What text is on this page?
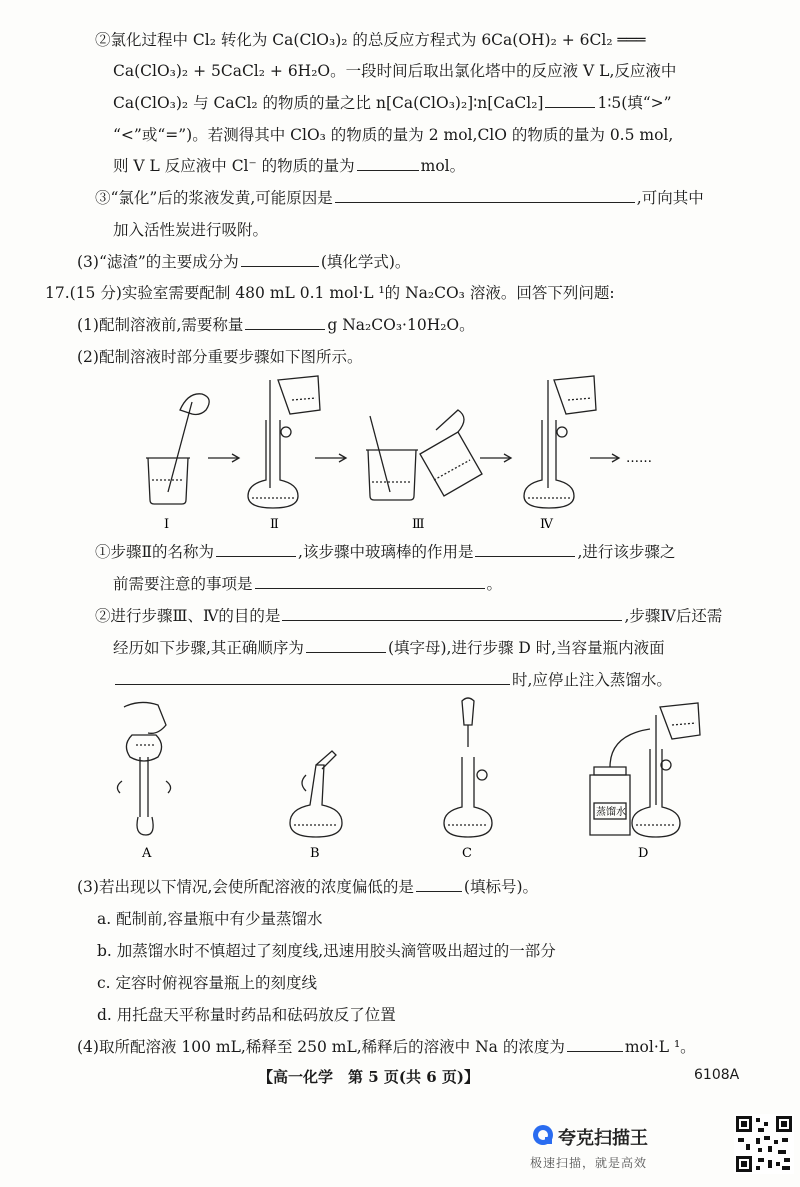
②氯化过程中 Cl₂ 转化为 Ca(ClO₃)₂ 的总反应方程式为 6Ca(OH)₂ + 6Cl₂ ═══
Ca(ClO₃)₂ + 5CaCl₂ + 6H₂O。一段时间后取出氯化塔中的反应液 V L,反应液中
Ca(ClO₃)₂ 与 CaCl₂ 的物质的量之比 n[Ca(ClO₃)₂]∶n[CaCl₂]	1∶5(填“>”
“<”或“=”)。若测得其中 ClO₃ 的物质的量为 2 mol,ClO 的物质的量为 0.5 mol,
则 V L 反应液中 Cl⁻ 的物质的量为	mol。
③“氯化”后的浆液发黄,可能原因是	,可向其中
加入活性炭进行吸附。
(3)“滤渣”的主要成分为	(填化学式)。
17.(15 分)实验室需要配制 480 mL 0.1 mol·L ¹的 Na₂CO₃ 溶液。回答下列问题:
(1)配制溶液前,需要称量	g Na₂CO₃·10H₂O。
(2)配制溶液时部分重要步骤如下图所示。
……
Ⅰ	Ⅱ	Ⅲ	Ⅳ
①步骤Ⅱ的名称为	,该步骤中玻璃棒的作用是	,进行该步骤之
前需要注意的事项是	。
②进行步骤Ⅲ、Ⅳ的目的是	,步骤Ⅳ后还需
经历如下步骤,其正确顺序为	(填字母),进行步骤 D 时,当容量瓶内液面
时,应停止注入蒸馏水。
蒸馏水
A	B	C	D
(3)若出现以下情况,会使所配溶液的浓度偏低的是	(填标号)。
a. 配制前,容量瓶中有少量蒸馏水
b. 加蒸馏水时不慎超过了刻度线,迅速用胶头滴管吸出超过的一部分
c. 定容时俯视容量瓶上的刻度线
d. 用托盘天平称量时药品和砝码放反了位置
(4)取所配溶液 100 mL,稀释至 250 mL,稀释后的溶液中 Na 的浓度为	mol·L ¹。
【高一化学　第 5 页(共 6 页)】	6108A
夸克扫描王
极速扫描，就是高效
